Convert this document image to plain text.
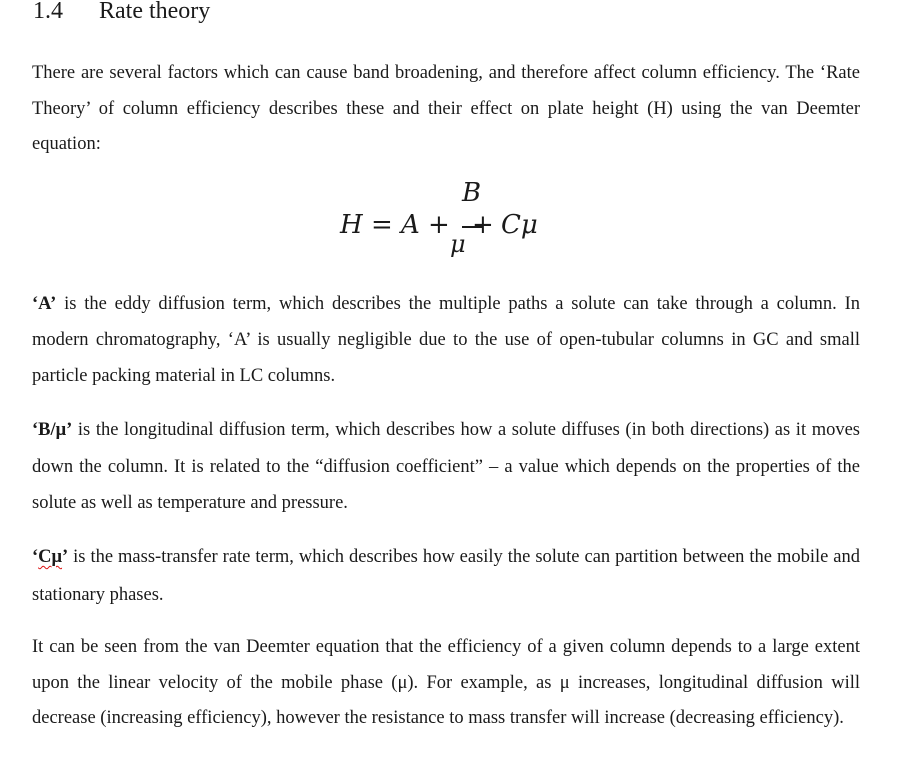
1.4 Rate theory

There are several factors which can cause band broadening, and therefore affect column efficiency. The ‘Rate Theory’ of column efficiency describes these and their effect on plate height (H) using the van Deemter equation:

H = A +
B
μ
+ Cμ

‘A’ is the eddy diffusion term, which describes the multiple paths a solute can take through a column. In modern chromatography, ‘A’ is usually negligible due to the use of open-tubular columns in GC and small particle packing material in LC columns.

‘B/μ’ is the longitudinal diffusion term, which describes how a solute diffuses (in both directions) as it moves down the column. It is related to the “diffusion coefficient” – a value which depends on the properties of the solute as well as temperature and pressure.

‘Cμ’ is the mass-transfer rate term, which describes how easily the solute can partition between the mobile and stationary phases.

It can be seen from the van Deemter equation that the efficiency of a given column depends to a large extent upon the linear velocity of the mobile phase (μ). For example, as μ increases, longitudinal diffusion will decrease (increasing efficiency), however the resistance to mass transfer will increase (decreasing efficiency).
